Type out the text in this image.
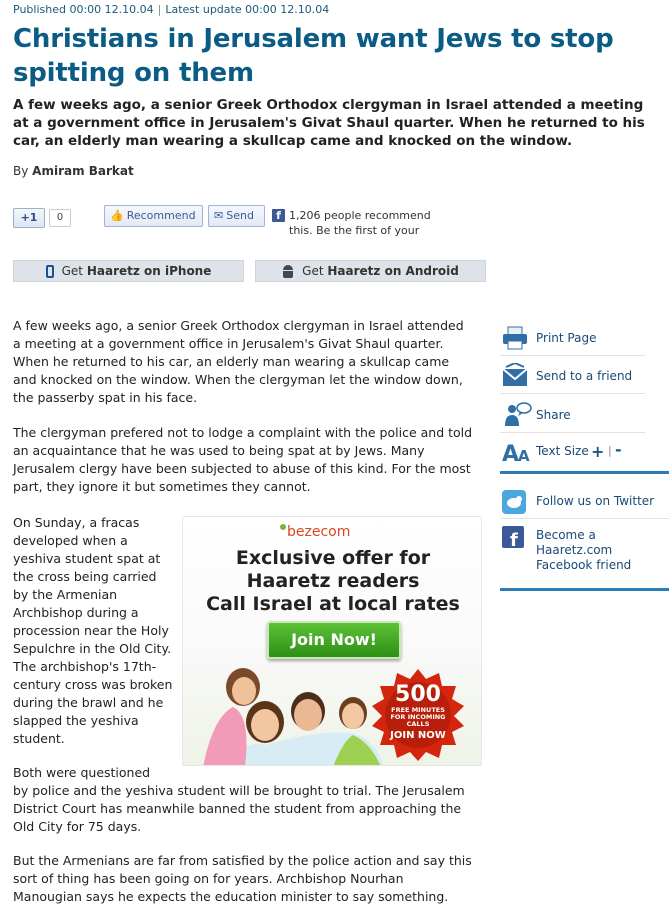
Published 00:00 12.10.04 | Latest update 00:00 12.10.04
Christians in Jerusalem want Jews to stop spitting on them

A few weeks ago, a senior Greek Orthodox clergyman in Israel attended a meeting at a government office in Jerusalem's Givat Shaul quarter. When he returned to his car, an elderly man wearing a skullcap came and knocked on the window.

By Amiram Barkat
+1	0	👍 Recommend ✉ Send	f 1,206 people recommend this. Be the first of your
Get Haaretz on iPhone	Get Haaretz on Android

A few weeks ago, a senior Greek Orthodox clergyman in Israel attended a meeting at a government office in Jerusalem's Givat Shaul quarter. When he returned to his car, an elderly man wearing a skullcap came and knocked on the window. When the clergyman let the window down, the passerby spat in his face.

The clergyman prefered not to lodge a complaint with the police and told an acquaintance that he was used to being spat at by Jews. Many Jerusalem clergy have been subjected to abuse of this kind. For the most part, they ignore it but sometimes they cannot.

On Sunday, a fracas developed when a yeshiva student spat at the cross being carried by the Armenian Archbishop during a procession near the Holy Sepulchre in the Old City. The archbishop's 17th-century cross was broken during the brawl and he slapped the yeshiva student.

Both were questioned

by police and the yeshiva student will be brought to trial. The Jerusalem District Court has meanwhile banned the student from approaching the Old City for 75 days.

But the Armenians are far from satisfied by the police action and say this sort of thing has been going on for years. Archbishop Nourhan Manougian says he expects the education minister to say something.

bezecom
Exclusive offer for
Haaretz readers
Call Israel at local rates
Join Now!
500
FREE MINUTES
FOR INCOMING
CALLS
JOIN NOW
Print Page
Send to a friend
Share
A
A Text Size + | -
Follow us on Twitter
f Become a Haaretz.com Facebook friend
